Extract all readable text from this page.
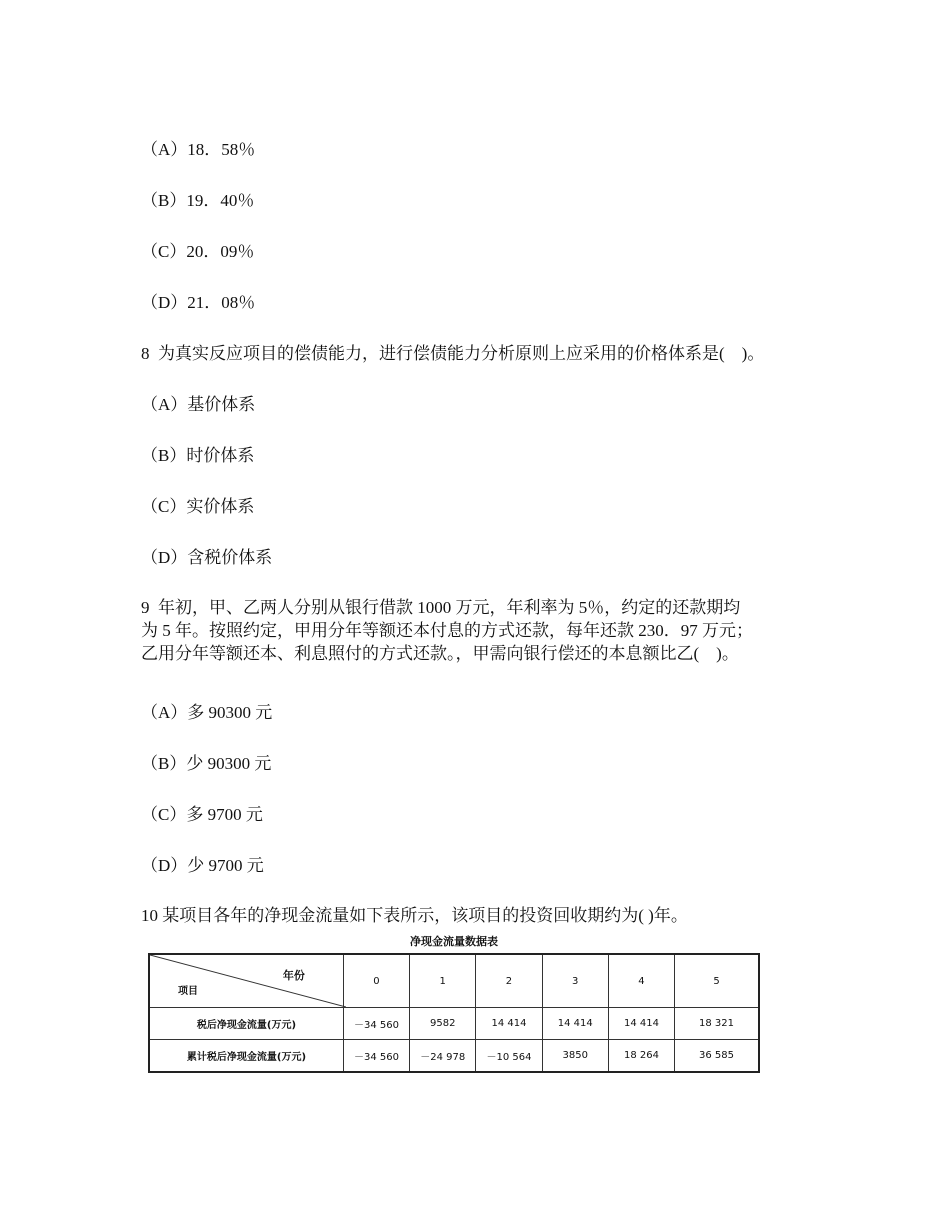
（A）18．58％
（B）19．40％
（C）20．09％
（D）21．08％
8  为真实反应项目的偿债能力，进行偿债能力分析原则上应采用的价格体系是(    )。
（A）基价体系
（B）时价体系
（C）实价体系
（D）含税价体系
9  年初，甲、乙两人分别从银行借款 1000 万元，年利率为 5％，约定的还款期均
为 5 年。按照约定，甲用分年等额还本付息的方式还款，每年还款 230．97 万元；
乙用分年等额还本、利息照付的方式还款。，甲需向银行偿还的本息额比乙(    )。
（A）多 90300 元
（B）少 90300 元
（C）多 9700 元
（D）少 9700 元
10 某项目各年的净现金流量如下表所示，该项目的投资回收期约为( )年。
净现金流量数据表
年份
项目	0	1	2	3	4	5
税后净现金流量(万元)	－34 560	9582	14 414	14 414	14 414	18 321
累计税后净现金流量(万元)	－34 560	－24 978	－10 564	3850	18 264	36 585
